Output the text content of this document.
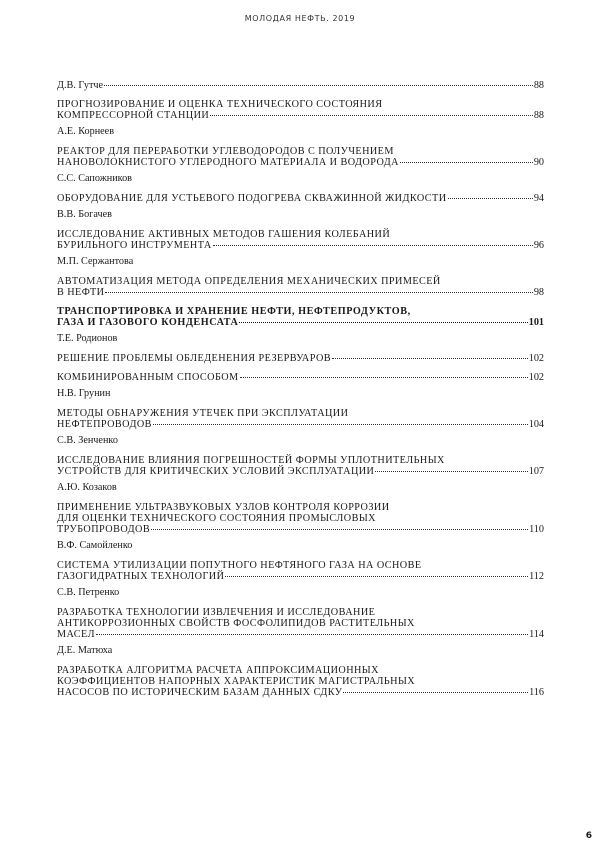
МОЛОДАЯ НЕФТЬ. 2019
Д.В. Гутче	88
ПРОГНОЗИРОВАНИЕ И ОЦЕНКА ТЕХНИЧЕСКОГО СОСТОЯНИЯ
КОМПРЕССОРНОЙ СТАНЦИИ	88
А.Е. Корнеев
РЕАКТОР ДЛЯ ПЕРЕРАБОТКИ УГЛЕВОДОРОДОВ С ПОЛУЧЕНИЕМ
НАНОВОЛОКНИСТОГО УГЛЕРОДНОГО МАТЕРИАЛА И ВОДОРОДА	90
С.С. Сапожников
ОБОРУДОВАНИЕ ДЛЯ УСТЬЕВОГО ПОДОГРЕВА СКВАЖИННОЙ ЖИДКОСТИ	94
В.В. Богачев
ИССЛЕДОВАНИЕ АКТИВНЫХ МЕТОДОВ ГАШЕНИЯ КОЛЕБАНИЙ
БУРИЛЬНОГО ИНСТРУМЕНТА	96
М.П. Сержантова
АВТОМАТИЗАЦИЯ МЕТОДА ОПРЕДЕЛЕНИЯ МЕХАНИЧЕСКИХ ПРИМЕСЕЙ
В НЕФТИ	98
ТРАНСПОРТИРОВКА И ХРАНЕНИЕ НЕФТИ, НЕФТЕПРОДУКТОВ,
ГАЗА И ГАЗОВОГО КОНДЕНСАТА	101
Т.Е. Родионов
РЕШЕНИЕ ПРОБЛЕМЫ ОБЛЕДЕНЕНИЯ РЕЗЕРВУАРОВ	102
КОМБИНИРОВАННЫМ СПОСОБОМ	102
Н.В. Грунин
МЕТОДЫ ОБНАРУЖЕНИЯ УТЕЧЕК ПРИ ЭКСПЛУАТАЦИИ
НЕФТЕПРОВОДОВ	104
С.В. Зенченко
ИССЛЕДОВАНИЕ ВЛИЯНИЯ ПОГРЕШНОСТЕЙ ФОРМЫ УПЛОТНИТЕЛЬНЫХ
УСТРОЙСТВ ДЛЯ КРИТИЧЕСКИХ УСЛОВИЙ ЭКСПЛУАТАЦИИ	107
А.Ю. Козаков
ПРИМЕНЕНИЕ УЛЬТРАЗВУКОВЫХ УЗЛОВ КОНТРОЛЯ КОРРОЗИИ
ДЛЯ ОЦЕНКИ ТЕХНИЧЕСКОГО СОСТОЯНИЯ ПРОМЫСЛОВЫХ
ТРУБОПРОВОДОВ	110
В.Ф. Самойленко
СИСТЕМА УТИЛИЗАЦИИ ПОПУТНОГО НЕФТЯНОГО ГАЗА НА ОСНОВЕ
ГАЗОГИДРАТНЫХ ТЕХНОЛОГИЙ	112
С.В. Петренко
РАЗРАБОТКА ТЕХНОЛОГИИ ИЗВЛЕЧЕНИЯ И ИССЛЕДОВАНИЕ
АНТИКОРРОЗИОННЫХ СВОЙСТВ ФОСФОЛИПИДОВ РАСТИТЕЛЬНЫХ
МАСЕЛ	114
Д.Е. Матюха
РАЗРАБОТКА АЛГОРИТМА РАСЧЕТА АППРОКСИМАЦИОННЫХ
КОЭФФИЦИЕНТОВ НАПОРНЫХ ХАРАКТЕРИСТИК МАГИСТРАЛЬНЫХ
НАСОСОВ ПО ИСТОРИЧЕСКИМ БАЗАМ ДАННЫХ СДКУ	116
6
